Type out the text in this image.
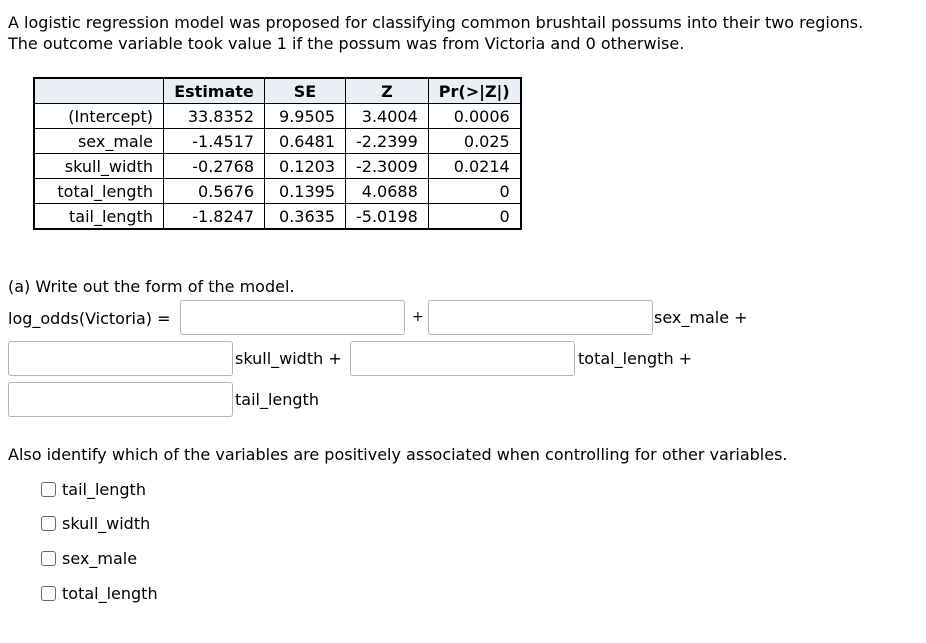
A logistic regression model was proposed for classifying common brushtail possums into their two regions.
The outcome variable took value 1 if the possum was from Victoria and 0 otherwise.
	Estimate	SE	Z	Pr(>|Z|)
(Intercept)	33.8352	9.9505	3.4004	0.0006
sex_male	-1.4517	0.6481	-2.2399	0.025
skull_width	-0.2768	0.1203	-2.3009	0.0214
total_length	0.5676	0.1395	4.0688	0
tail_length	-1.8247	0.3635	-5.0198	0
(a) Write out the form of the model.
log_odds(Victoria) =	+	sex_male +
skull_width +	total_length +
tail_length
Also identify which of the variables are positively associated when controlling for other variables.
tail_length
skull_width
sex_male
total_length
